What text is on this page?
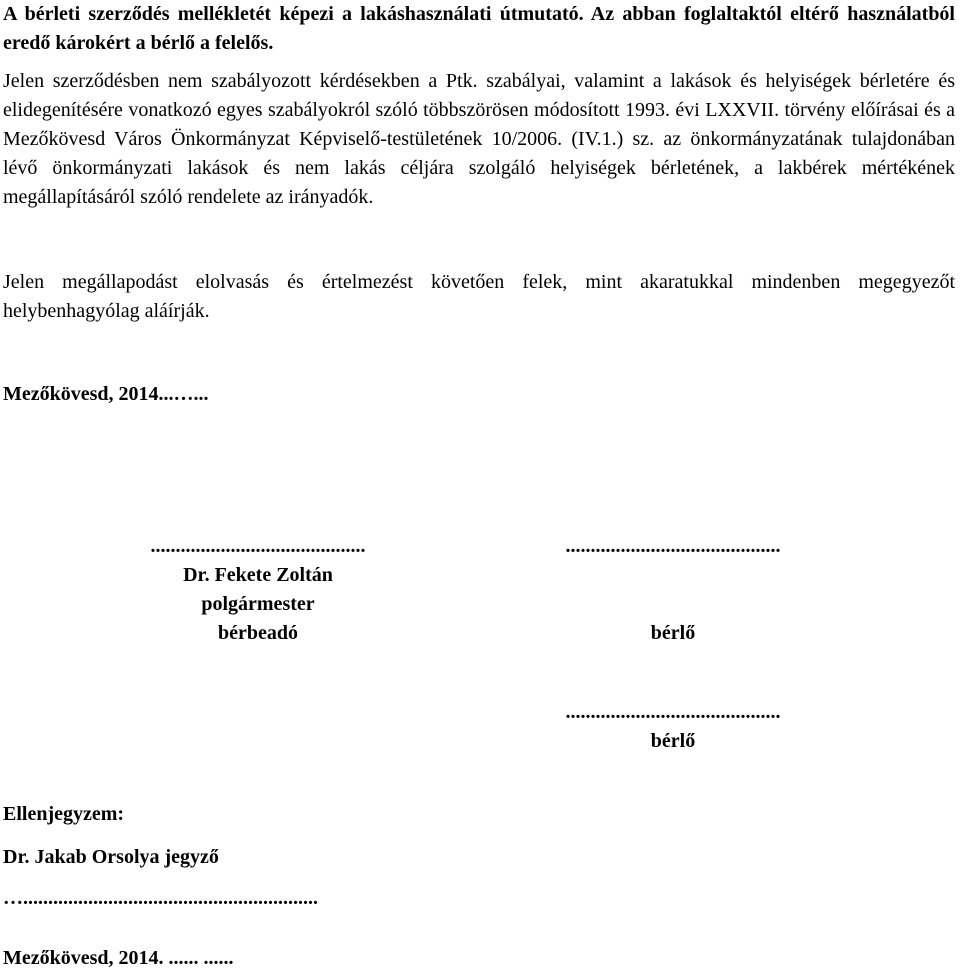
A bérleti szerződés mellékletét képezi a lakáshasználati útmutató. Az abban foglaltaktól eltérő használatból eredő károkért a bérlő a felelős.

Jelen szerződésben nem szabályozott kérdésekben a Ptk. szabályai, valamint a lakások és helyiségek bérletére és elidegenítésére vonatkozó egyes szabályokról szóló többszörösen módosított 1993. évi LXXVII. törvény előírásai és a Mezőkövesd Város Önkormányzat Képviselő-testületének 10/2006. (IV.1.) sz. az önkormányzatának tulajdonában lévő önkormányzati lakások és nem lakás céljára szolgáló helyiségek bérletének, a lakbérek mértékének megállapításáról szóló rendelete az irányadók.

Jelen megállapodást elolvasás és értelmezést követően felek, mint akaratukkal mindenben megegyezőt helybenhagyólag aláírják.

Mezőkövesd, 2014...…...
...........................................
Dr. Fekete Zoltán
polgármester
bérbeadó
...........................................

bérlő
...........................................
bérlő
Ellenjegyzem:
Dr. Jakab Orsolya jegyző
…...........................................................
Mezőkövesd, 2014. ...... ......
